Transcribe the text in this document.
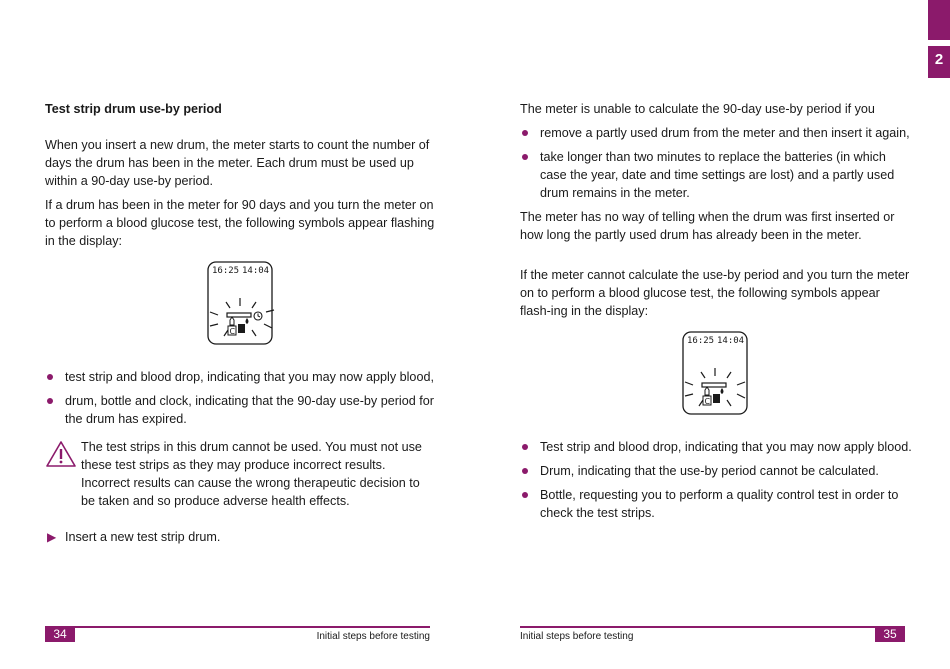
2

Test strip drum use-by period

When you insert a new drum, the meter starts to count the number of days the drum has been in the meter. Each drum must be used up within a 90-day use-by period.

If a drum has been in the meter for 90 days and you turn the meter on to perform a blood glucose test, the following symbols appear flashing in the display:

16:25 14:04
C
test strip and blood drop, indicating that you may now apply blood,
drum, bottle and clock, indicating that the 90-day use-by period for the drum has expired.

The test strips in this drum cannot be used. You must not use these test strips as they may produce incorrect results. Incorrect results can cause the wrong therapeutic decision to be taken and so produce adverse health effects.

▶ Insert a new test strip drum.

The meter is unable to calculate the 90-day use-by period if you

remove a partly used drum from the meter and then insert it again,
take longer than two minutes to replace the batteries (in which case the year, date and time settings are lost) and a partly used drum remains in the meter.

The meter has no way of telling when the drum was first inserted or how long the partly used drum has already been in the meter.

If the meter cannot calculate the use-by period and you turn the meter on to perform a blood glucose test, the following symbols appear flash-ing in the display:

16:25 14:04
C
Test strip and blood drop, indicating that you may now apply blood.
Drum, indicating that the use-by period cannot be calculated.
Bottle, requesting you to perform a quality control test in order to check the test strips.
34	Initial steps before testing	Initial steps before testing	35
